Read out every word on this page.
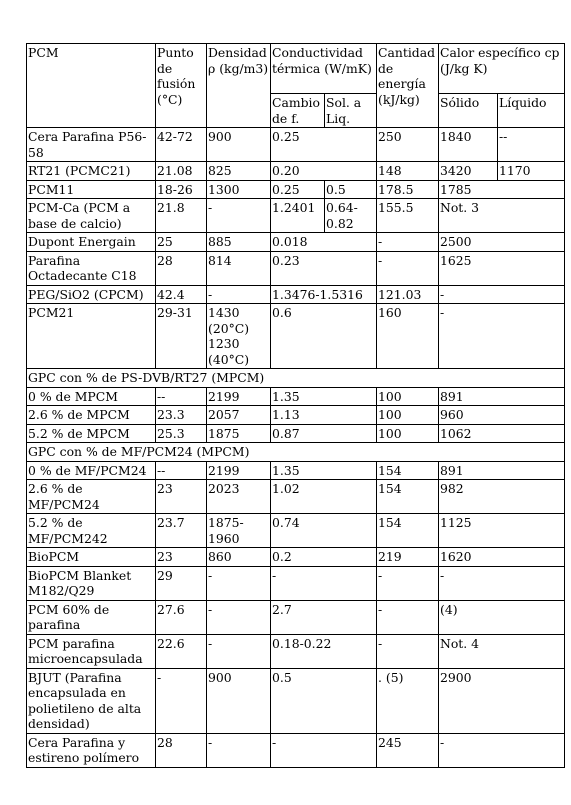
PCM	Punto de fusión (°C)	Densidad ρ (kg/m3)	Conductividad térmica (W/mK)		Cantidad de energía (kJ/kg)	Calor específico cp (J/kg K)	
			Cambio de f.	Sol. a Liq.		Sólido	Líquido
Cera Parafina P56-58	42-72	900	0.25		250	1840	--
RT21 (PCMC21)	21.08	825	0.20		148	3420	1170
PCM11	18-26	1300	0.25	0.5	178.5	1785	
PCM-Ca (PCM a base de calcio)	21.8	-	1.2401	0.64-0.82	155.5	Not. 3	
Dupont Energain	25	885	0.018		-	2500	
Parafina Octadecante C18	28	814	0.23		-	1625	
PEG/SiO2 (CPCM)	42.4	-	1.3476-1.5316		121.03	-	
PCM21	29-31	1430 (20°C) 1230 (40°C)	0.6		160	-	
GPC con % de PS-DVB/RT27 (MPCM)							
0 % de MPCM	--	2199	1.35		100	891	
2.6 % de MPCM	23.3	2057	1.13		100	960	
5.2 % de MPCM	25.3	1875	0.87		100	1062	
GPC con % de MF/PCM24 (MPCM)							
0 % de MF/PCM24	--	2199	1.35		154	891	
2.6 % de MF/PCM24	23	2023	1.02		154	982	
5.2 % de MF/PCM242	23.7	1875-1960	0.74		154	1125	
BioPCM	23	860	0.2		219	1620	
BioPCM Blanket M182/Q29	29	-	-		-	-	
PCM 60% de parafina	27.6	-	2.7		-	(4)	
PCM parafina microencapsulada	22.6	-	0.18-0.22		-	Not. 4	
BJUT (Parafina encapsulada en polietileno de alta densidad)	-	900	0.5		. (5)	2900	
Cera Parafina y estireno polímero	28	-	-		245	-	
